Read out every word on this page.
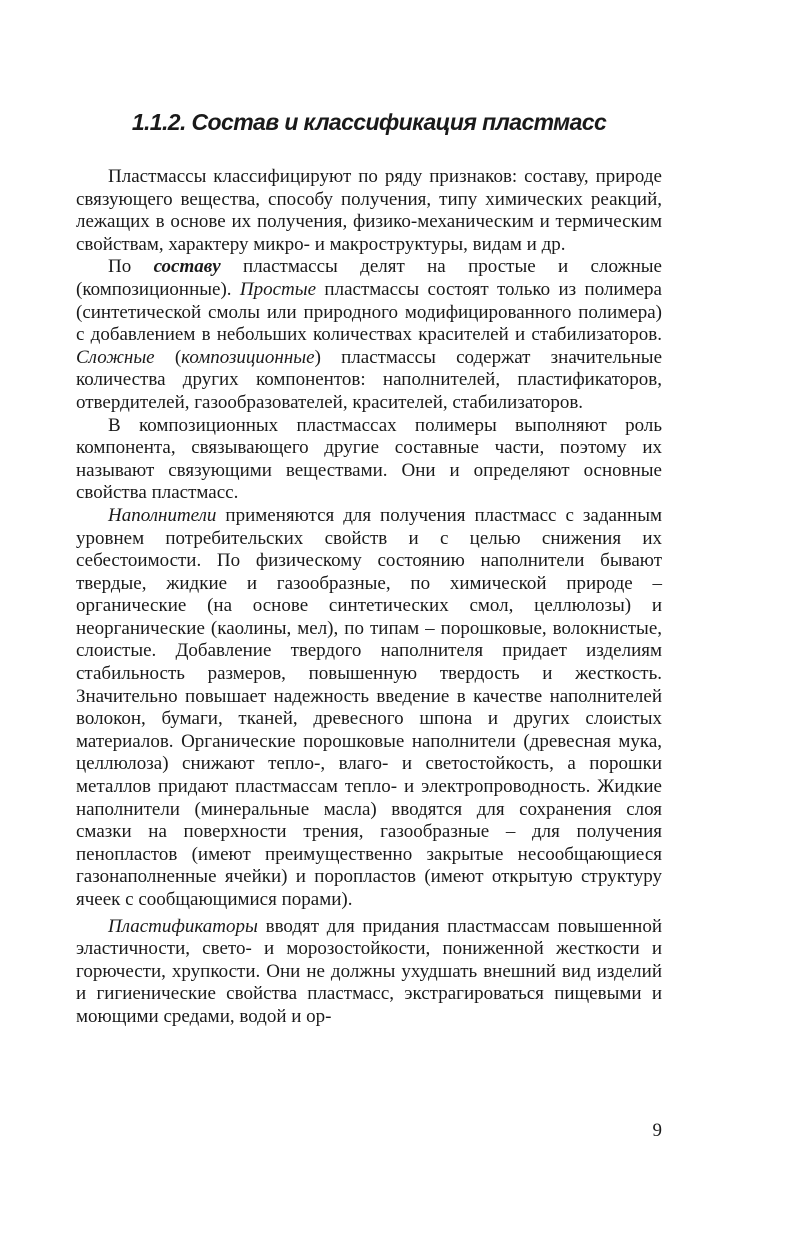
1.1.2. Состав и классификация пластмасс

Пластмассы классифицируют по ряду признаков: составу, природе связующего вещества, способу получения, типу химических реакций, лежащих в основе их получения, физико-механическим и термическим свойствам, характеру микро- и макроструктуры, видам и др.

По составу пластмассы делят на простые и сложные (композиционные). Простые пластмассы состоят только из полимера (синтетической смолы или природного модифицированного полимера) с добавлением в небольших количествах красителей и стабилизаторов. Сложные (композиционные) пластмассы содержат значительные количества других компонентов: наполнителей, пластификаторов, отвердителей, газообразователей, красителей, стабилизаторов.

В композиционных пластмассах полимеры выполняют роль компонента, связывающего другие составные части, поэтому их называют связующими веществами. Они и определяют основные свойства пластмасс.

Наполнители применяются для получения пластмасс с заданным уровнем потребительских свойств и с целью снижения их себестоимости. По физическому состоянию наполнители бывают твердые, жидкие и газообразные, по химической природе – органические (на основе синтетических смол, целлюлозы) и неорганические (каолины, мел), по типам – порошковые, волокнистые, слоистые. Добавление твердого наполнителя придает изделиям стабильность размеров, повышенную твердость и жесткость. Значительно повышает надежность введение в качестве наполнителей волокон, бумаги, тканей, древесного шпона и других слоистых материалов. Органические порошковые наполнители (древесная мука, целлюлоза) снижают тепло-, влаго- и светостойкость, а порошки металлов придают пластмассам тепло- и электропроводность. Жидкие наполнители (минеральные масла) вводятся для сохранения слоя смазки на поверхности трения, газообразные – для получения пенопластов (имеют преимущественно закрытые несообщающиеся газонаполненные ячейки) и поропластов (имеют открытую структуру ячеек с сообщающимися порами).

Пластификаторы вводят для придания пластмассам повышенной эластичности, свето- и морозостойкости, пониженной жесткости и горючести, хрупкости. Они не должны ухудшать внешний вид изделий и гигиенические свойства пластмасс, экстрагироваться пищевыми и моющими средами, водой и ор-

9
